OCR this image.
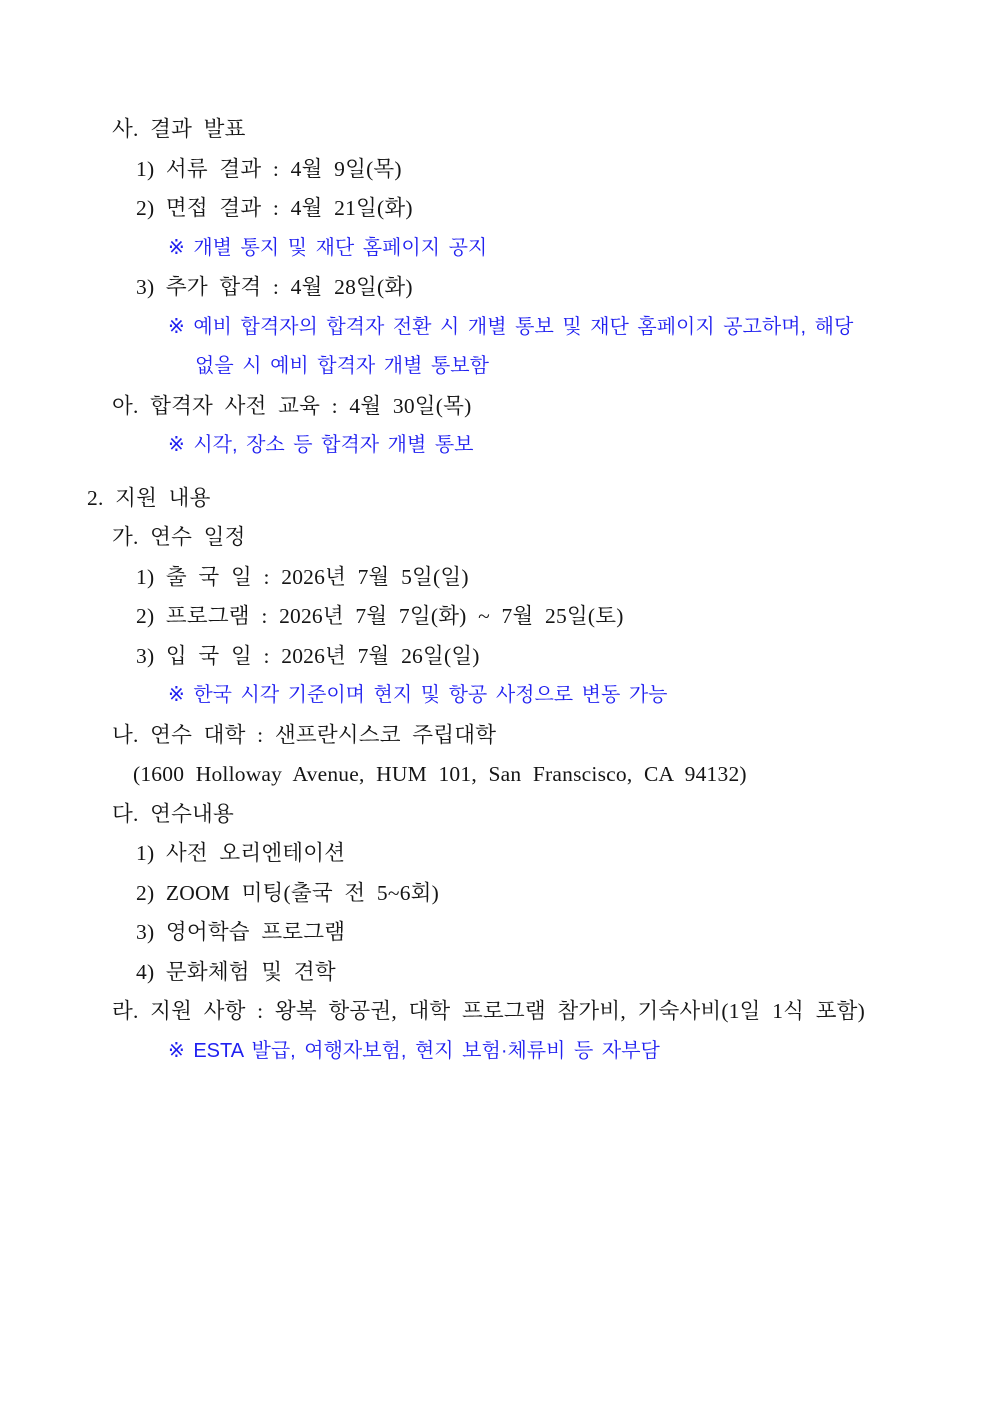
사. 결과 발표

1) 서류 결과 : 4월 9일(목)

2) 면접 결과 : 4월 21일(화)

※ 개별 통지 및 재단 홈페이지 공지

3) 추가 합격 : 4월 28일(화)

※ 예비 합격자의 합격자 전환 시 개별 통보 및 재단 홈페이지 공고하며, 해당

없을 시 예비 합격자 개별 통보함

아. 합격자 사전 교육 : 4월 30일(목)

※ 시각, 장소 등 합격자 개별 통보

2. 지원 내용

가. 연수 일정

1) 출 국 일 : 2026년 7월 5일(일)

2) 프로그램 : 2026년 7월 7일(화) ~ 7월 25일(토)

3) 입 국 일 : 2026년 7월 26일(일)

※ 한국 시각 기준이며 현지 및 항공 사정으로 변동 가능

나. 연수 대학 : 샌프란시스코 주립대학

(1600 Holloway Avenue, HUM 101, San Franscisco, CA 94132)

다. 연수내용

1) 사전 오리엔테이션

2) ZOOM 미팅(출국 전 5~6회)

3) 영어학습 프로그램

4) 문화체험 및 견학

라. 지원 사항 : 왕복 항공권, 대학 프로그램 참가비, 기숙사비(1일 1식 포함)

※ ESTA 발급, 여행자보험, 현지 보험·체류비 등 자부담
